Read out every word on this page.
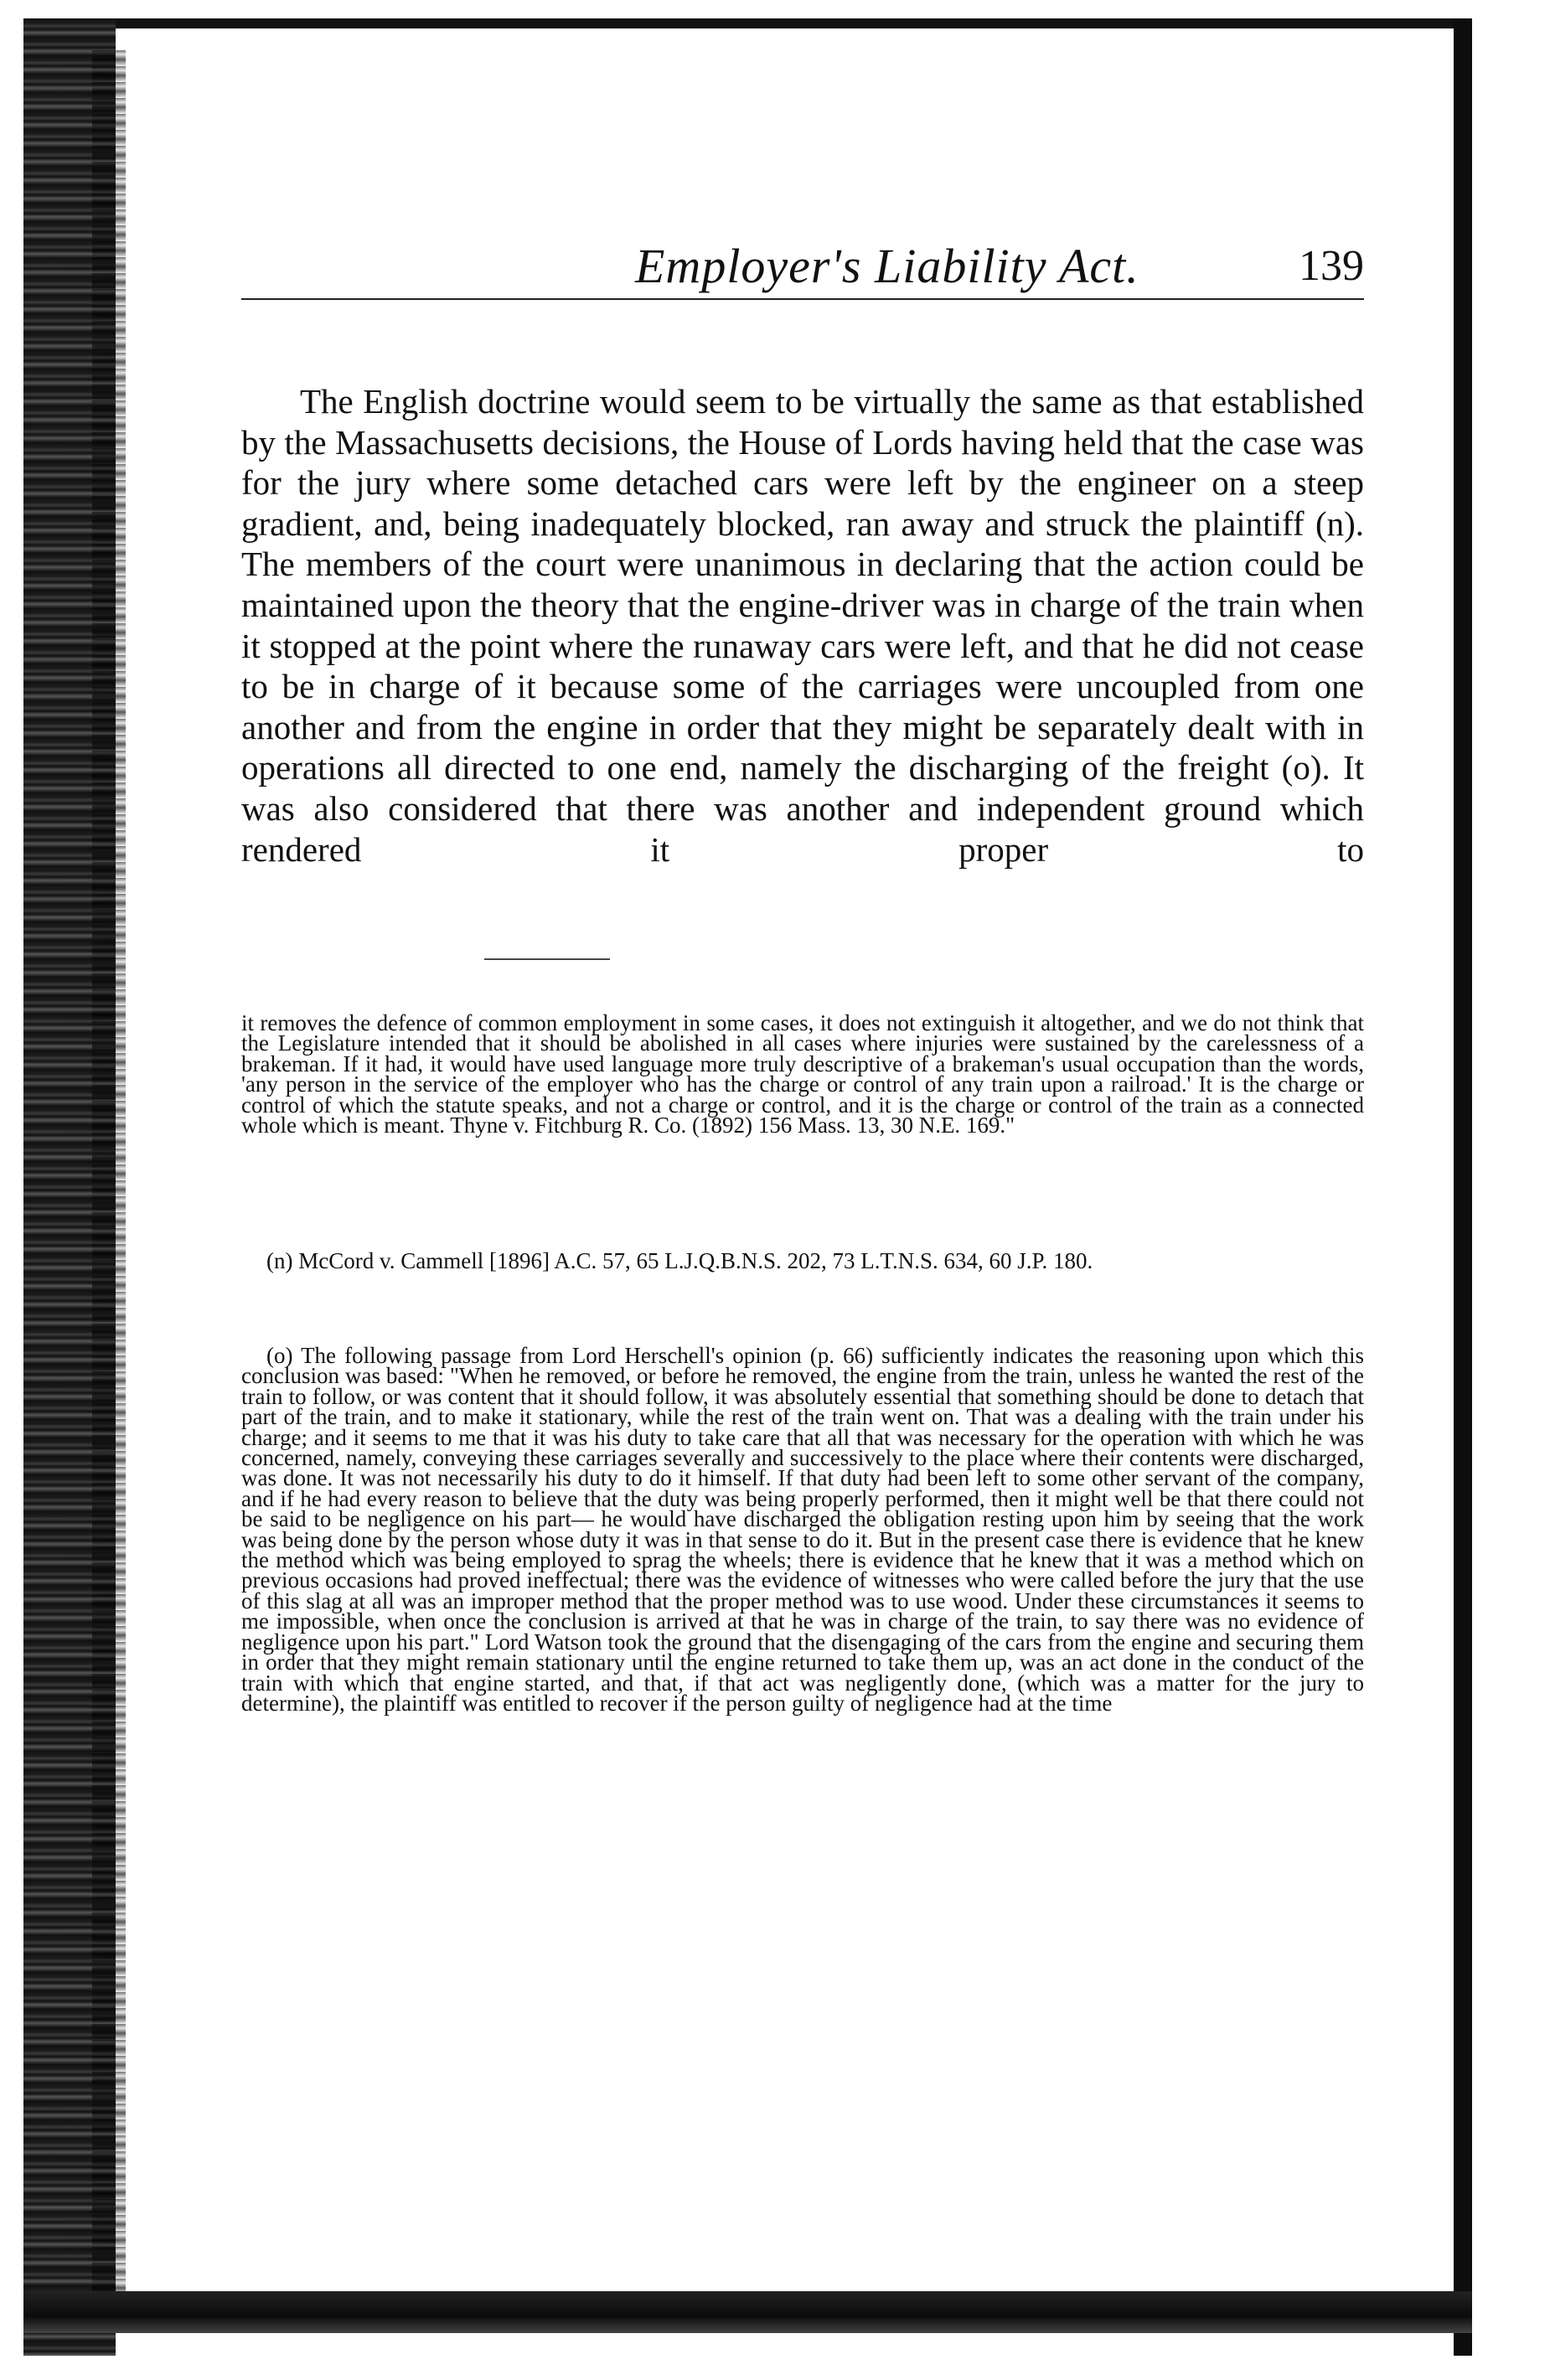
Employer's Liability Act.	139

The English doctrine would seem to be virtually the same as that established by the Massachusetts decisions, the House of Lords having held that the case was for the jury where some detached cars were left by the engineer on a steep gradient, and, being inadequately blocked, ran away and struck the plaintiff (n). The members of the court were unanimous in declaring that the action could be maintained upon the theory that the engine-driver was in charge of the train when it stopped at the point where the runaway cars were left, and that he did not cease to be in charge of it because some of the carriages were uncoupled from one another and from the engine in order that they might be separately dealt with in operations all directed to one end, namely the discharging of the freight (o). It was also considered that there was another and independent ground which rendered it proper to

it removes the defence of common employment in some cases, it does not extinguish it altogether, and we do not think that the Legislature intended that it should be abolished in all cases where injuries were sustained by the carelessness of a brakeman. If it had, it would have used language more truly descriptive of a brakeman's usual occupation than the words, 'any person in the service of the employer who has the charge or control of any train upon a railroad.' It is the charge or control of which the statute speaks, and not a charge or control, and it is the charge or control of the train as a connected whole which is meant. Thyne v. Fitchburg R. Co. (1892) 156 Mass. 13, 30 N.E. 169."

(n) McCord v. Cammell [1896] A.C. 57, 65 L.J.Q.B.N.S. 202, 73 L.T.N.S. 634, 60 J.P. 180.

(o) The following passage from Lord Herschell's opinion (p. 66) sufficiently indicates the reasoning upon which this conclusion was based: "When he removed, or before he removed, the engine from the train, unless he wanted the rest of the train to follow, or was content that it should follow, it was absolutely essential that something should be done to detach that part of the train, and to make it stationary, while the rest of the train went on. That was a dealing with the train under his charge; and it seems to me that it was his duty to take care that all that was necessary for the operation with which he was concerned, namely, conveying these carriages severally and successively to the place where their contents were discharged, was done. It was not necessarily his duty to do it himself. If that duty had been left to some other servant of the company, and if he had every reason to believe that the duty was being properly performed, then it might well be that there could not be said to be negligence on his part— he would have discharged the obligation resting upon him by seeing that the work was being done by the person whose duty it was in that sense to do it. But in the present case there is evidence that he knew the method which was being employed to sprag the wheels; there is evidence that he knew that it was a method which on previous occasions had proved ineffectual; there was the evidence of witnesses who were called before the jury that the use of this slag at all was an improper method that the proper method was to use wood. Under these circumstances it seems to me impossible, when once the conclusion is arrived at that he was in charge of the train, to say there was no evidence of negligence upon his part." Lord Watson took the ground that the disengaging of the cars from the engine and securing them in order that they might remain stationary until the engine returned to take them up, was an act done in the conduct of the train with which that engine started, and that, if that act was negligently done, (which was a matter for the jury to determine), the plaintiff was entitled to recover if the person guilty of negligence had at the time
